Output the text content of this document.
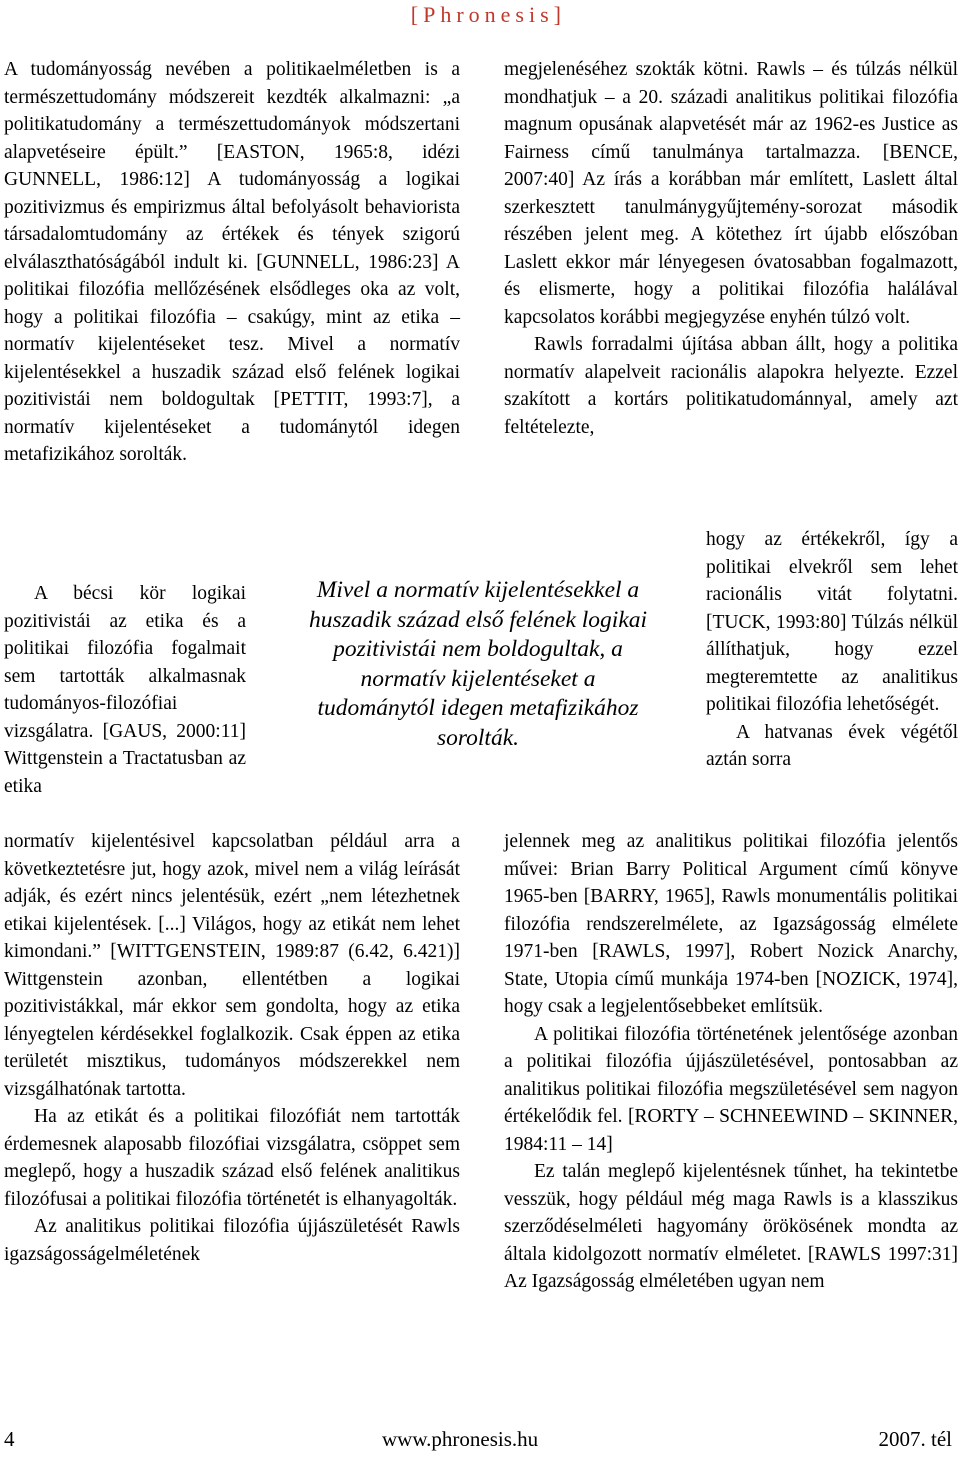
[Phronesis]

A tudományosság nevében a politikaelméletben is a természettudomány módszereit kezdték alkalmazni: „a politikatudomány a természettudományok módszertani alapvetéseire épült.” [EASTON, 1965:8, idézi GUNNELL, 1986:12] A tudományosság a logikai pozitivizmus és empirizmus által befolyásolt behaviorista társadalomtudomány az értékek és tények szigorú elválaszthatóságából indult ki. [GUNNELL, 1986:23] A politikai filozófia mellőzésének elsődleges oka az volt, hogy a politikai filozófia – csakúgy, mint az etika – normatív kijelentéseket tesz. Mivel a normatív kijelentésekkel a huszadik század első felének logikai pozitivistái nem boldogultak [PETTIT, 1993:7], a normatív kijelentéseket a tudománytól idegen metafizikához sorolták.

A bécsi kör logikai pozitivistái az etika és a politikai filozófia fogalmait sem tartották alkalmasnak tudományos-filozófiai vizsgálatra. [GAUS, 2000:11] Wittgenstein a Tractatusban az etika

normatív kijelentésivel kapcsolatban például arra a következtetésre jut, hogy azok, mivel nem a világ leírását adják, és ezért nincs jelentésük, ezért „nem létezhetnek etikai kijelentések. [...] Világos, hogy az etikát nem lehet kimondani.” [WITTGENSTEIN, 1989:87 (6.42, 6.421)] Wittgenstein azonban, ellentétben a logikai pozitivistákkal, már ekkor sem gondolta, hogy az etika lényegtelen kérdésekkel foglalkozik. Csak éppen az etika területét misztikus, tudományos módszerekkel nem vizsgálhatónak tartotta.

Ha az etikát és a politikai filozófiát nem tartották érdemesnek alaposabb filozófiai vizsgálatra, csöppet sem meglepő, hogy a huszadik század első felének analitikus filozófusai a politikai filozófia történetét is elhanyagolták.

Az analitikus politikai filozófia újjászületését Rawls igazságosságelméletének

Mivel a normatív kijelentésekkel a huszadik század első felének logikai pozitivistái nem boldogultak, a normatív kijelentéseket a tudománytól idegen metafizikához sorolták.

megjelenéséhez szokták kötni. Rawls – és túlzás nélkül mondhatjuk – a 20. századi analitikus politikai filozófia magnum opusának alapvetését már az 1962-es Justice as Fairness című tanulmánya tartalmazza. [BENCE, 2007:40] Az írás a korábban már említett, Laslett által szerkesztett tanulmánygyűjtemény-sorozat második részében jelent meg. A kötethez írt újabb előszóban Laslett ekkor már lényegesen óvatosabban fogalmazott, és elismerte, hogy a politikai filozófia halálával kapcsolatos korábbi megjegyzése enyhén túlzó volt.

Rawls forradalmi újítása abban állt, hogy a politika normatív alapelveit racionális alapokra helyezte. Ezzel szakított a kortárs politikatudománnyal, amely azt feltételezte,

hogy az értékekről, így a politikai elvekről sem lehet racionális vitát folytatni. [TUCK, 1993:80] Túlzás nélkül állíthatjuk, hogy ezzel megteremtette az analitikus politikai filozófia lehetőségét.

A hatvanas évek végétől aztán sorra

jelennek meg az analitikus politikai filozófia jelentős művei: Brian Barry Political Argument című könyve 1965-ben [BARRY, 1965], Rawls monumentális politikai filozófia rendszerelmélete, az Igazságosság elmélete 1971-ben [RAWLS, 1997], Robert Nozick Anarchy, State, Utopia című munkája 1974-ben [NOZICK, 1974], hogy csak a legjelentősebbeket említsük.

A politikai filozófia történetének jelentősége azonban a politikai filozófia újjászületésével, pontosabban az analitikus politikai filozófia megszületésével sem nagyon értékelődik fel. [RORTY – SCHNEEWIND – SKINNER, 1984:11 – 14]

Ez talán meglepő kijelentésnek tűnhet, ha tekintetbe vesszük, hogy például még maga Rawls is a klasszikus szerződéselméleti hagyomány örökösének mondta az általa kidolgozott normatív elméletet. [RAWLS 1997:31] Az Igazságosság elméletében ugyan nem

4	www.phronesis.hu	2007. tél
